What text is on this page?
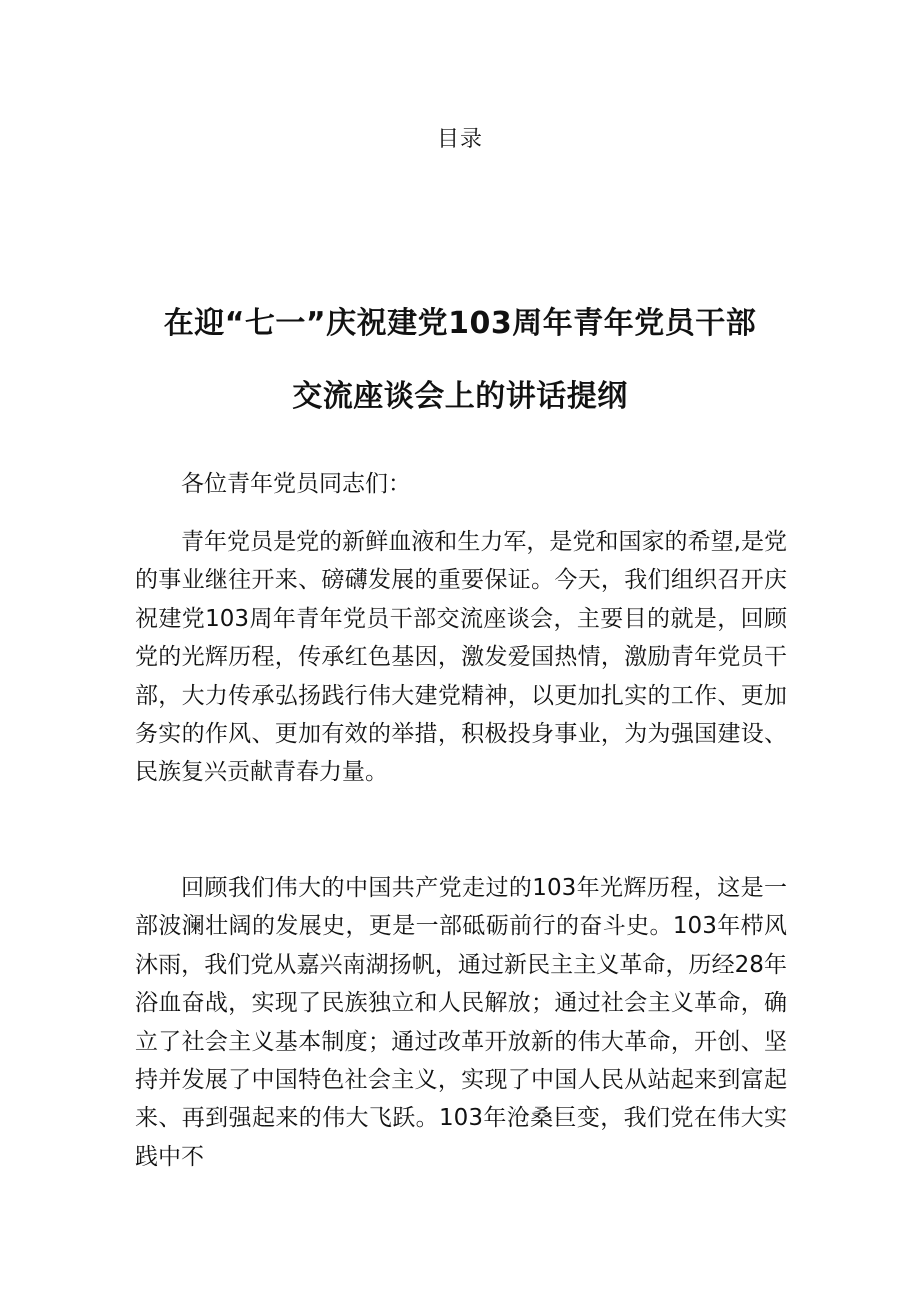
目录
在迎“七一”庆祝建党103周年青年党员干部
交流座谈会上的讲话提纲

各位青年党员同志们：

青年党员是党的新鲜血液和生力军，是党和国家的希望,是党的事业继往开来、磅礴发展的重要保证。今天，我们组织召开庆祝建党103周年青年党员干部交流座谈会，主要目的就是，回顾党的光辉历程，传承红色基因，激发爱国热情，激励青年党员干部，大力传承弘扬践行伟大建党精神，以更加扎实的工作、更加务实的作风、更加有效的举措，积极投身事业，为为强国建设、民族复兴贡献青春力量。

回顾我们伟大的中国共产党走过的103年光辉历程，这是一部波澜壮阔的发展史，更是一部砥砺前行的奋斗史。103年栉风沐雨，我们党从嘉兴南湖扬帆，通过新民主主义革命，历经28年浴血奋战，实现了民族独立和人民解放；通过社会主义革命，确立了社会主义基本制度；通过改革开放新的伟大革命，开创、坚持并发展了中国特色社会主义，实现了中国人民从站起来到富起来、再到强起来的伟大飞跃。103年沧桑巨变，我们党在伟大实践中不
